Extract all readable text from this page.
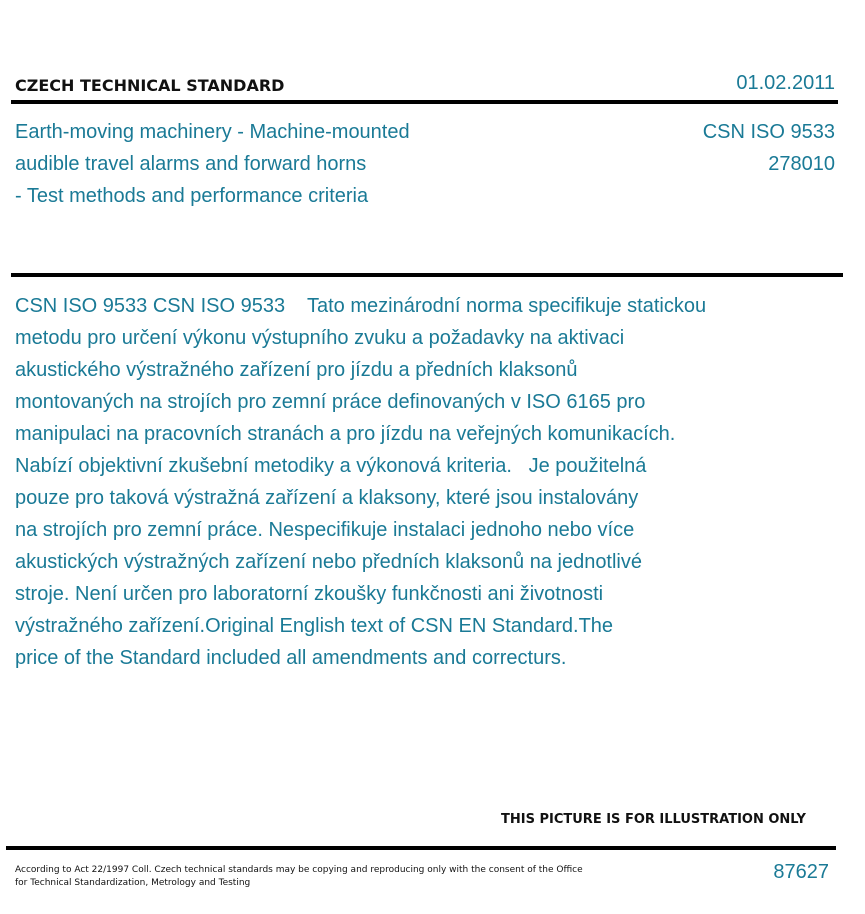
CZECH TECHNICAL STANDARD	01.02.2011
Earth-moving machinery - Machine-mounted
audible travel alarms and forward horns
- Test methods and performance criteria
CSN ISO 9533
278010
CSN ISO 9533 CSN ISO 9533    Tato mezinárodní norma specifikuje statickou
metodu pro určení výkonu výstupního zvuku a požadavky na aktivaci
akustického výstražného zařízení pro jízdu a předních klaksonů
montovaných na strojích pro zemní práce definovaných v ISO 6165 pro
manipulaci na pracovních stranách a pro jízdu na veřejných komunikacích.
Nabízí objektivní zkušební metodiky a výkonová kriteria.   Je použitelná
pouze pro taková výstražná zařízení a klaksony, které jsou instalovány
na strojích pro zemní práce. Nespecifikuje instalaci jednoho nebo více
akustických výstražných zařízení nebo předních klaksonů na jednotlivé
stroje. Není určen pro laboratorní zkoušky funkčnosti ani životnosti
výstražného zařízení.Original English text of CSN EN Standard.The
price of the Standard included all amendments and correcturs.
THIS PICTURE IS FOR ILLUSTRATION ONLY
According to Act 22/1997 Coll. Czech technical standards may be copying and reproducing only with the consent of the Office
for Technical Standardization, Metrology and Testing	87627
